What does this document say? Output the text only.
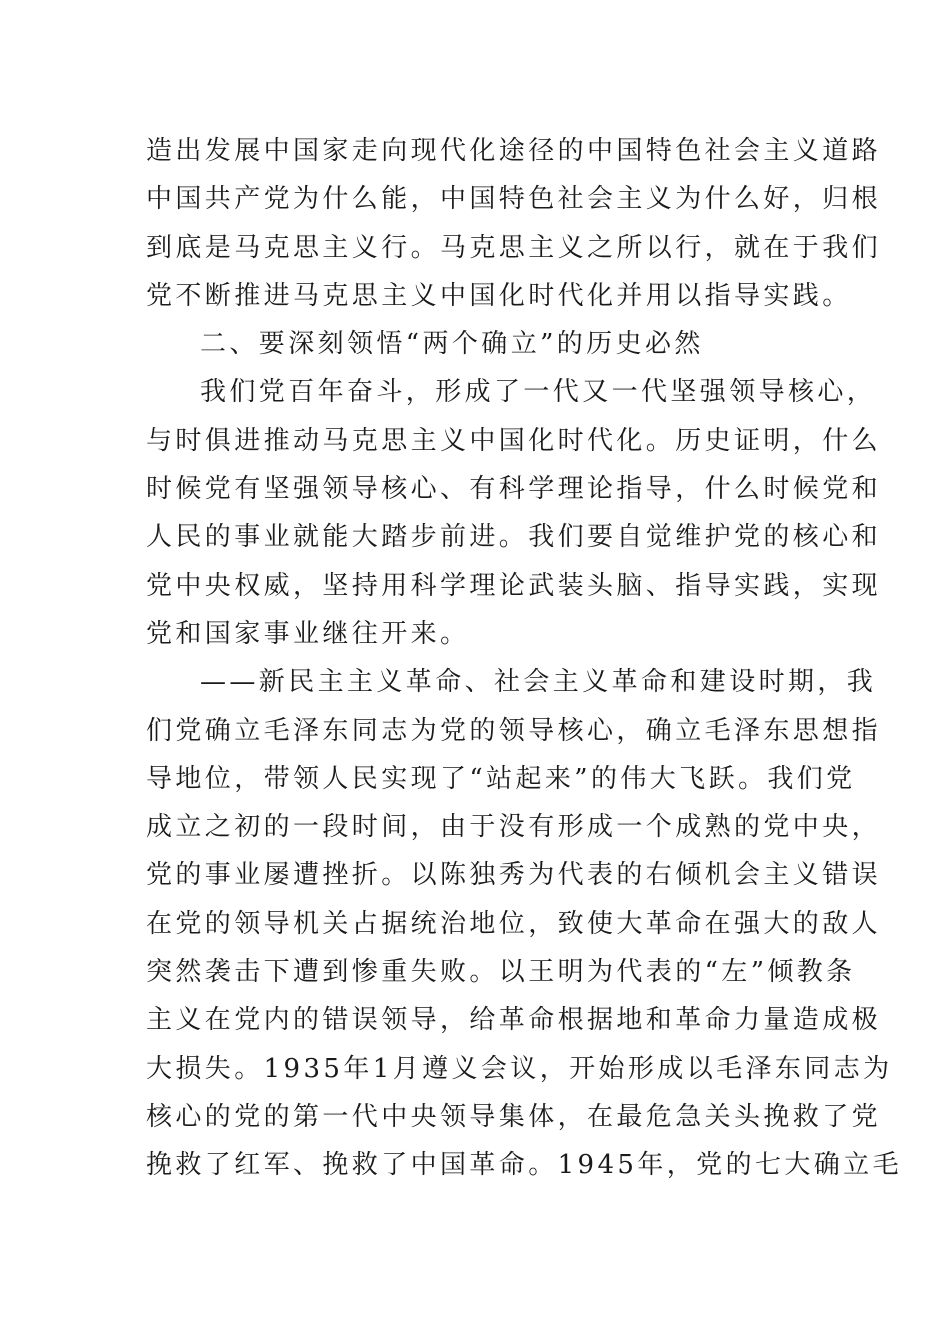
造出发展中国家走向现代化途径的中国特色社会主义道路
中国共产党为什么能，中国特色社会主义为什么好，归根
到底是马克思主义行。马克思主义之所以行，就在于我们
党不断推进马克思主义中国化时代化并用以指导实践。
二、要深刻领悟“两个确立”的历史必然
我们党百年奋斗，形成了一代又一代坚强领导核心，
与时俱进推动马克思主义中国化时代化。历史证明，什么
时候党有坚强领导核心、有科学理论指导，什么时候党和
人民的事业就能大踏步前进。我们要自觉维护党的核心和
党中央权威，坚持用科学理论武装头脑、指导实践，实现
党和国家事业继往开来。
——新民主主义革命、社会主义革命和建设时期，我
们党确立毛泽东同志为党的领导核心，确立毛泽东思想指
导地位，带领人民实现了“站起来”的伟大飞跃。我们党
成立之初的一段时间，由于没有形成一个成熟的党中央，
党的事业屡遭挫折。以陈独秀为代表的右倾机会主义错误
在党的领导机关占据统治地位，致使大革命在强大的敌人
突然袭击下遭到惨重失败。以王明为代表的“左”倾教条
主义在党内的错误领导，给革命根据地和革命力量造成极
大损失。1935年1月遵义会议，开始形成以毛泽东同志为
核心的党的第一代中央领导集体，在最危急关头挽救了党
挽救了红军、挽救了中国革命。1945年，党的七大确立毛
